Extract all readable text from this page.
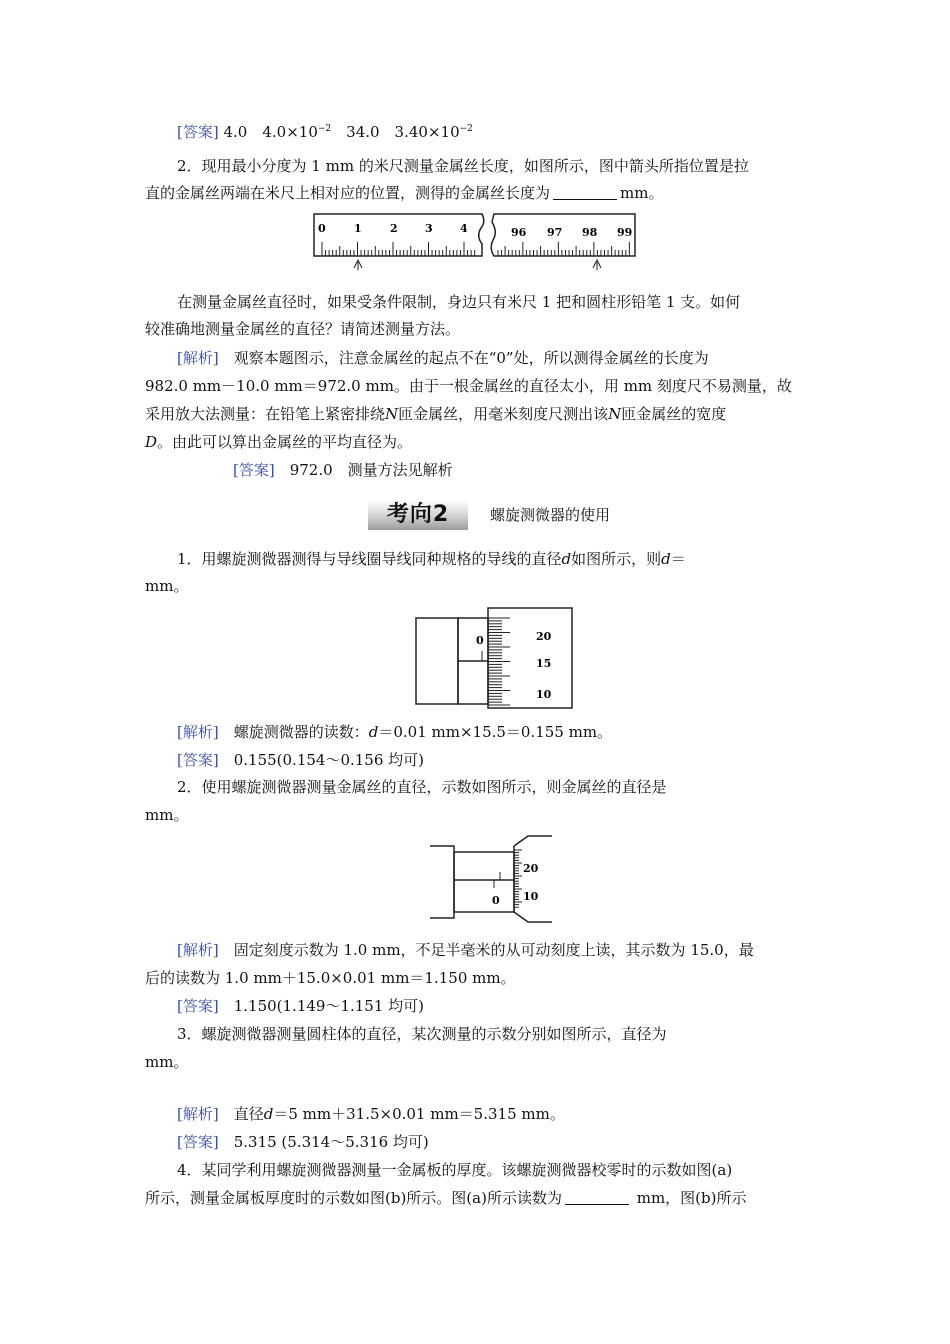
[答案] 4.0　$4.0\times 10^{-2}$　34.0　$3.40\times 10^{-2}$
2．现用最小分度为 1 mm 的米尺测量金属丝长度，如图所示，图中箭头所指位置是拉
直的金属丝两端在米尺上相对应的位置，测得的金属丝长度为	mm。
0	1	2 3 4	96 97 98 99
在测量金属丝直径时，如果受条件限制，身边只有米尺 1 把和圆柱形铅笔 1 支。如何
较准确地测量金属丝的直径？请简述测量方法。
[解析]　观察本题图示，注意金属丝的起点不在“0”处，所以测得金属丝的长度为
982.0 mm－10.0 mm＝972.0 mm。由于一根金属丝的直径太小，用 mm 刻度尺不易测量，故
采用放大法测量：在铅笔上紧密排绕N匝金属丝，用毫米刻度尺测出该N匝金属丝的宽度
D。由此可以算出金属丝的平均直径为。
[答案]　972.0　测量方法见解析
考向2	螺旋测微器的使用
1．用螺旋测微器测得与导线圈导线同种规格的导线的直径d如图所示，则d＝
mm。
0	20
15
10
[解析]　螺旋测微器的读数：d＝0.01 mm×15.5＝0.155 mm。
[答案]　0.155(0.154～0.156 均可)
2．使用螺旋测微器测量金属丝的直径，示数如图所示，则金属丝的直径是
mm。
0
20
10
[解析]　固定刻度示数为 1.0 mm，不足半毫米的从可动刻度上读，其示数为 15.0，最
后的读数为 1.0 mm＋15.0×0.01 mm＝1.150 mm。
[答案]　1.150(1.149～1.151 均可)
3．螺旋测微器测量圆柱体的直径，某次测量的示数分别如图所示，直径为
mm。
[解析]　直径d＝5 mm＋31.5×0.01 mm＝5.315 mm。
[答案]　5.315 (5.314～5.316 均可)
4．某同学利用螺旋测微器测量一金属板的厚度。该螺旋测微器校零时的示数如图(a)
所示，测量金属板厚度时的示数如图(b)所示。图(a)所示读数为	mm，图(b)所示
